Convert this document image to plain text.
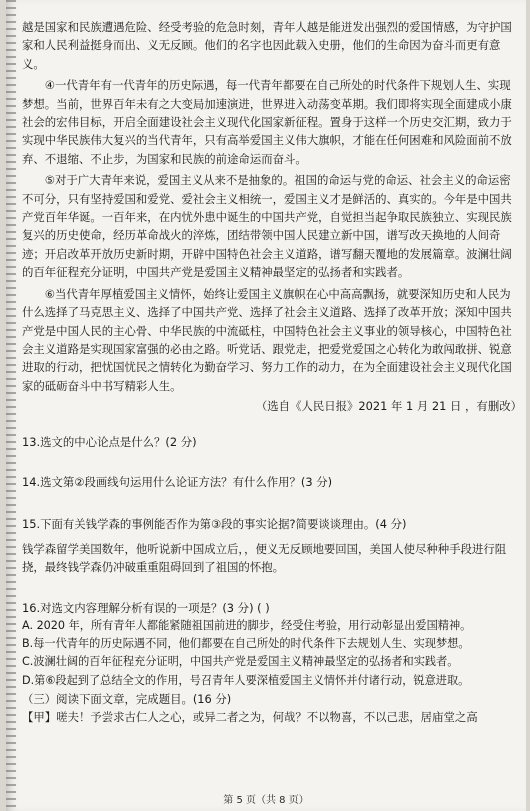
越是国家和民族遭遇危险、经受考验的危急时刻，青年人越是能迸发出强烈的爱国情感，为守护国家和人民利益挺身而出、义无反顾。他们的名字也因此载入史册，他们的生命因为奋斗而更有意义。

④一代青年有一代青年的历史际遇，每一代青年都要在自己所处的时代条件下规划人生、实现梦想。当前，世界百年未有之大变局加速演进，世界进入动荡变革期。我们即将实现全面建成小康社会的宏伟目标，开启全面建设社会主义现代化国家新征程。置身于这样一个历史交汇期，致力于实现中华民族伟大复兴的当代青年，只有高举爱国主义伟大旗帜，才能在任何困难和风险面前不放弃、不退缩、不止步，为国家和民族的前途命运而奋斗。

⑤对于广大青年来说，爱国主义从来不是抽象的。祖国的命运与党的命运、社会主义的命运密不可分，只有坚持爱国和爱党、爱社会主义相统一，爱国主义才是鲜活的、真实的。今年是中国共产党百年华诞。一百年来，在内忧外患中诞生的中国共产党，自觉担当起争取民族独立、实现民族复兴的历史使命，经历革命战火的淬炼，团结带领中国人民建立新中国，谱写改天换地的人间奇迹；开启改革开放历史新时期，开辟中国特色社会主义道路，谱写翻天覆地的发展篇章。波澜壮阔的百年征程充分证明，中国共产党是爱国主义精神最坚定的弘扬者和实践者。

⑥当代青年厚植爱国主义情怀，始终让爱国主义旗帜在心中高高飘扬，就要深知历史和人民为什么选择了马克思主义、选择了中国共产党、选择了社会主义道路、选择了改革开放；深知中国共产党是中国人民的主心骨、中华民族的中流砥柱，中国特色社会主义事业的领导核心，中国特色社会主义道路是实现国家富强的必由之路。听党话、跟党走，把爱党爱国之心转化为敢闯敢拼、锐意进取的行动，把忧国忧民之情转化为勤奋学习、努力工作的动力，在为全面建设社会主义现代化国家的砥砺奋斗中书写精彩人生。

（选自《人民日报》2021 年 1 月 21 日 ，有删改）

13.选文的中心论点是什么？(2 分)

14.选文第②段画线句运用什么论证方法？有什么作用？(3 分)

15.下面有关钱学森的事例能否作为第③段的事实论据?简要谈谈理由。(4 分)

钱学森留学美国数年，他听说新中国成立后，，便义无反顾地要回国，美国人使尽种种手段进行阻挠，最终钱学森仍冲破重重阻碍回到了祖国的怀抱。

16.对选文内容理解分析有误的一项是？(3 分) ( )

A. 2020 年，所有青年人都能紧随祖国前进的脚步，经受住考验，用行动彰显出爱国精神。

B.每一代青年的历史际遇不同，他们都要在自己所处的时代条件下去规划人生、实现梦想。

C.波澜壮阔的百年征程充分证明，中国共产党是爱国主义精神最坚定的弘扬者和实践者。

D.第⑥段起到了总结全文的作用，号召青年人要深植爱国主义情怀并付诸行动，锐意进取。

（三）阅读下面文章，完成题目。(16 分)

【甲】嗟夫！予尝求古仁人之心，或异二者之为，何哉？不以物喜，不以己悲，居庙堂之高

第 5 页（共 8 页）
